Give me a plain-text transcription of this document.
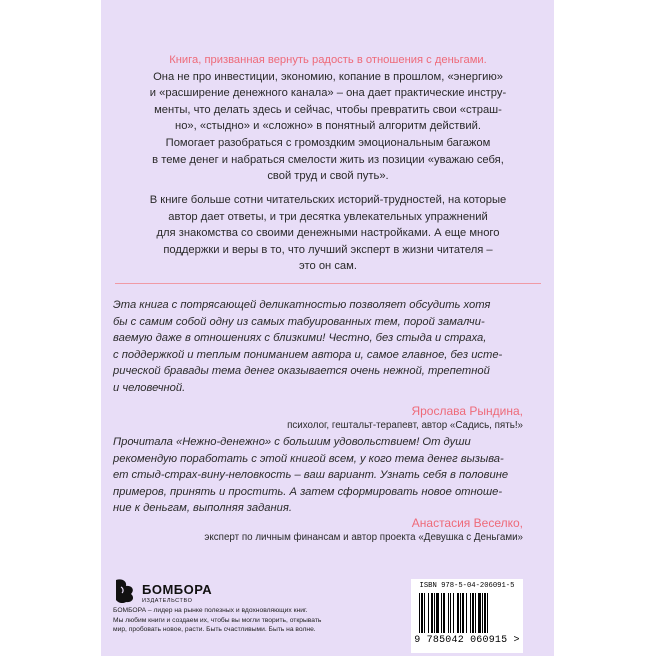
Книга, призванная вернуть радость в отношения с деньгами.
Она не про инвестиции, экономию, копание в прошлом, «энергию»
и «расширение денежного канала» – она дает практические инстру-
менты, что делать здесь и сейчас, чтобы превратить свои «страш-
но», «стыдно» и «сложно» в понятный алгоритм действий.
Помогает разобраться с громоздким эмоциональным багажом
в теме денег и набраться смелости жить из позиции «уважаю себя,
свой труд и свой путь».
В книге больше сотни читательских историй-трудностей, на которые
автор дает ответы, и три десятка увлекательных упражнений
для знакомства со своими денежными настройками. А еще много
поддержки и веры в то, что лучший эксперт в жизни читателя –
это он сам.
Эта книга с потрясающей деликатностью позволяет обсудить хотя
бы с самим собой одну из самых табуированных тем, порой замалчи-
ваемую даже в отношениях с близкими! Честно, без стыда и страха,
с поддержкой и теплым пониманием автора и, самое главное, без истe-
рической бравады тема денег оказывается очень нежной, трепетной
и человечной.
Ярослава Рындина,
психолог, гештальт-терапевт, автор «Садись, пять!»
Прочитала «Нежно-денежно» с большим удовольствием! От души
рекомендую поработать с этой книгой всем, у кого тема денег вызыва-
ет стыд-страх-вину-неловкость – ваш вариант. Узнать себя в половине
примеров, принять и простить. А затем сформировать новое отноше-
ние к деньгам, выполняя задания.
Анастасия Веселко,
эксперт по личным финансам и автор проекта «Девушка с Деньгами»
БОМБОРА
ИЗДАТЕЛЬСТВО
БОМБОРА – лидер на рынке полезных и вдохновляющих книг.
Мы любим книги и создаем их, чтобы вы могли творить, открывать
мир, пробовать новое, расти. Быть счастливыми. Быть на волне.
ISBN 978-5-04-206091-5
9 785042 060915 >
